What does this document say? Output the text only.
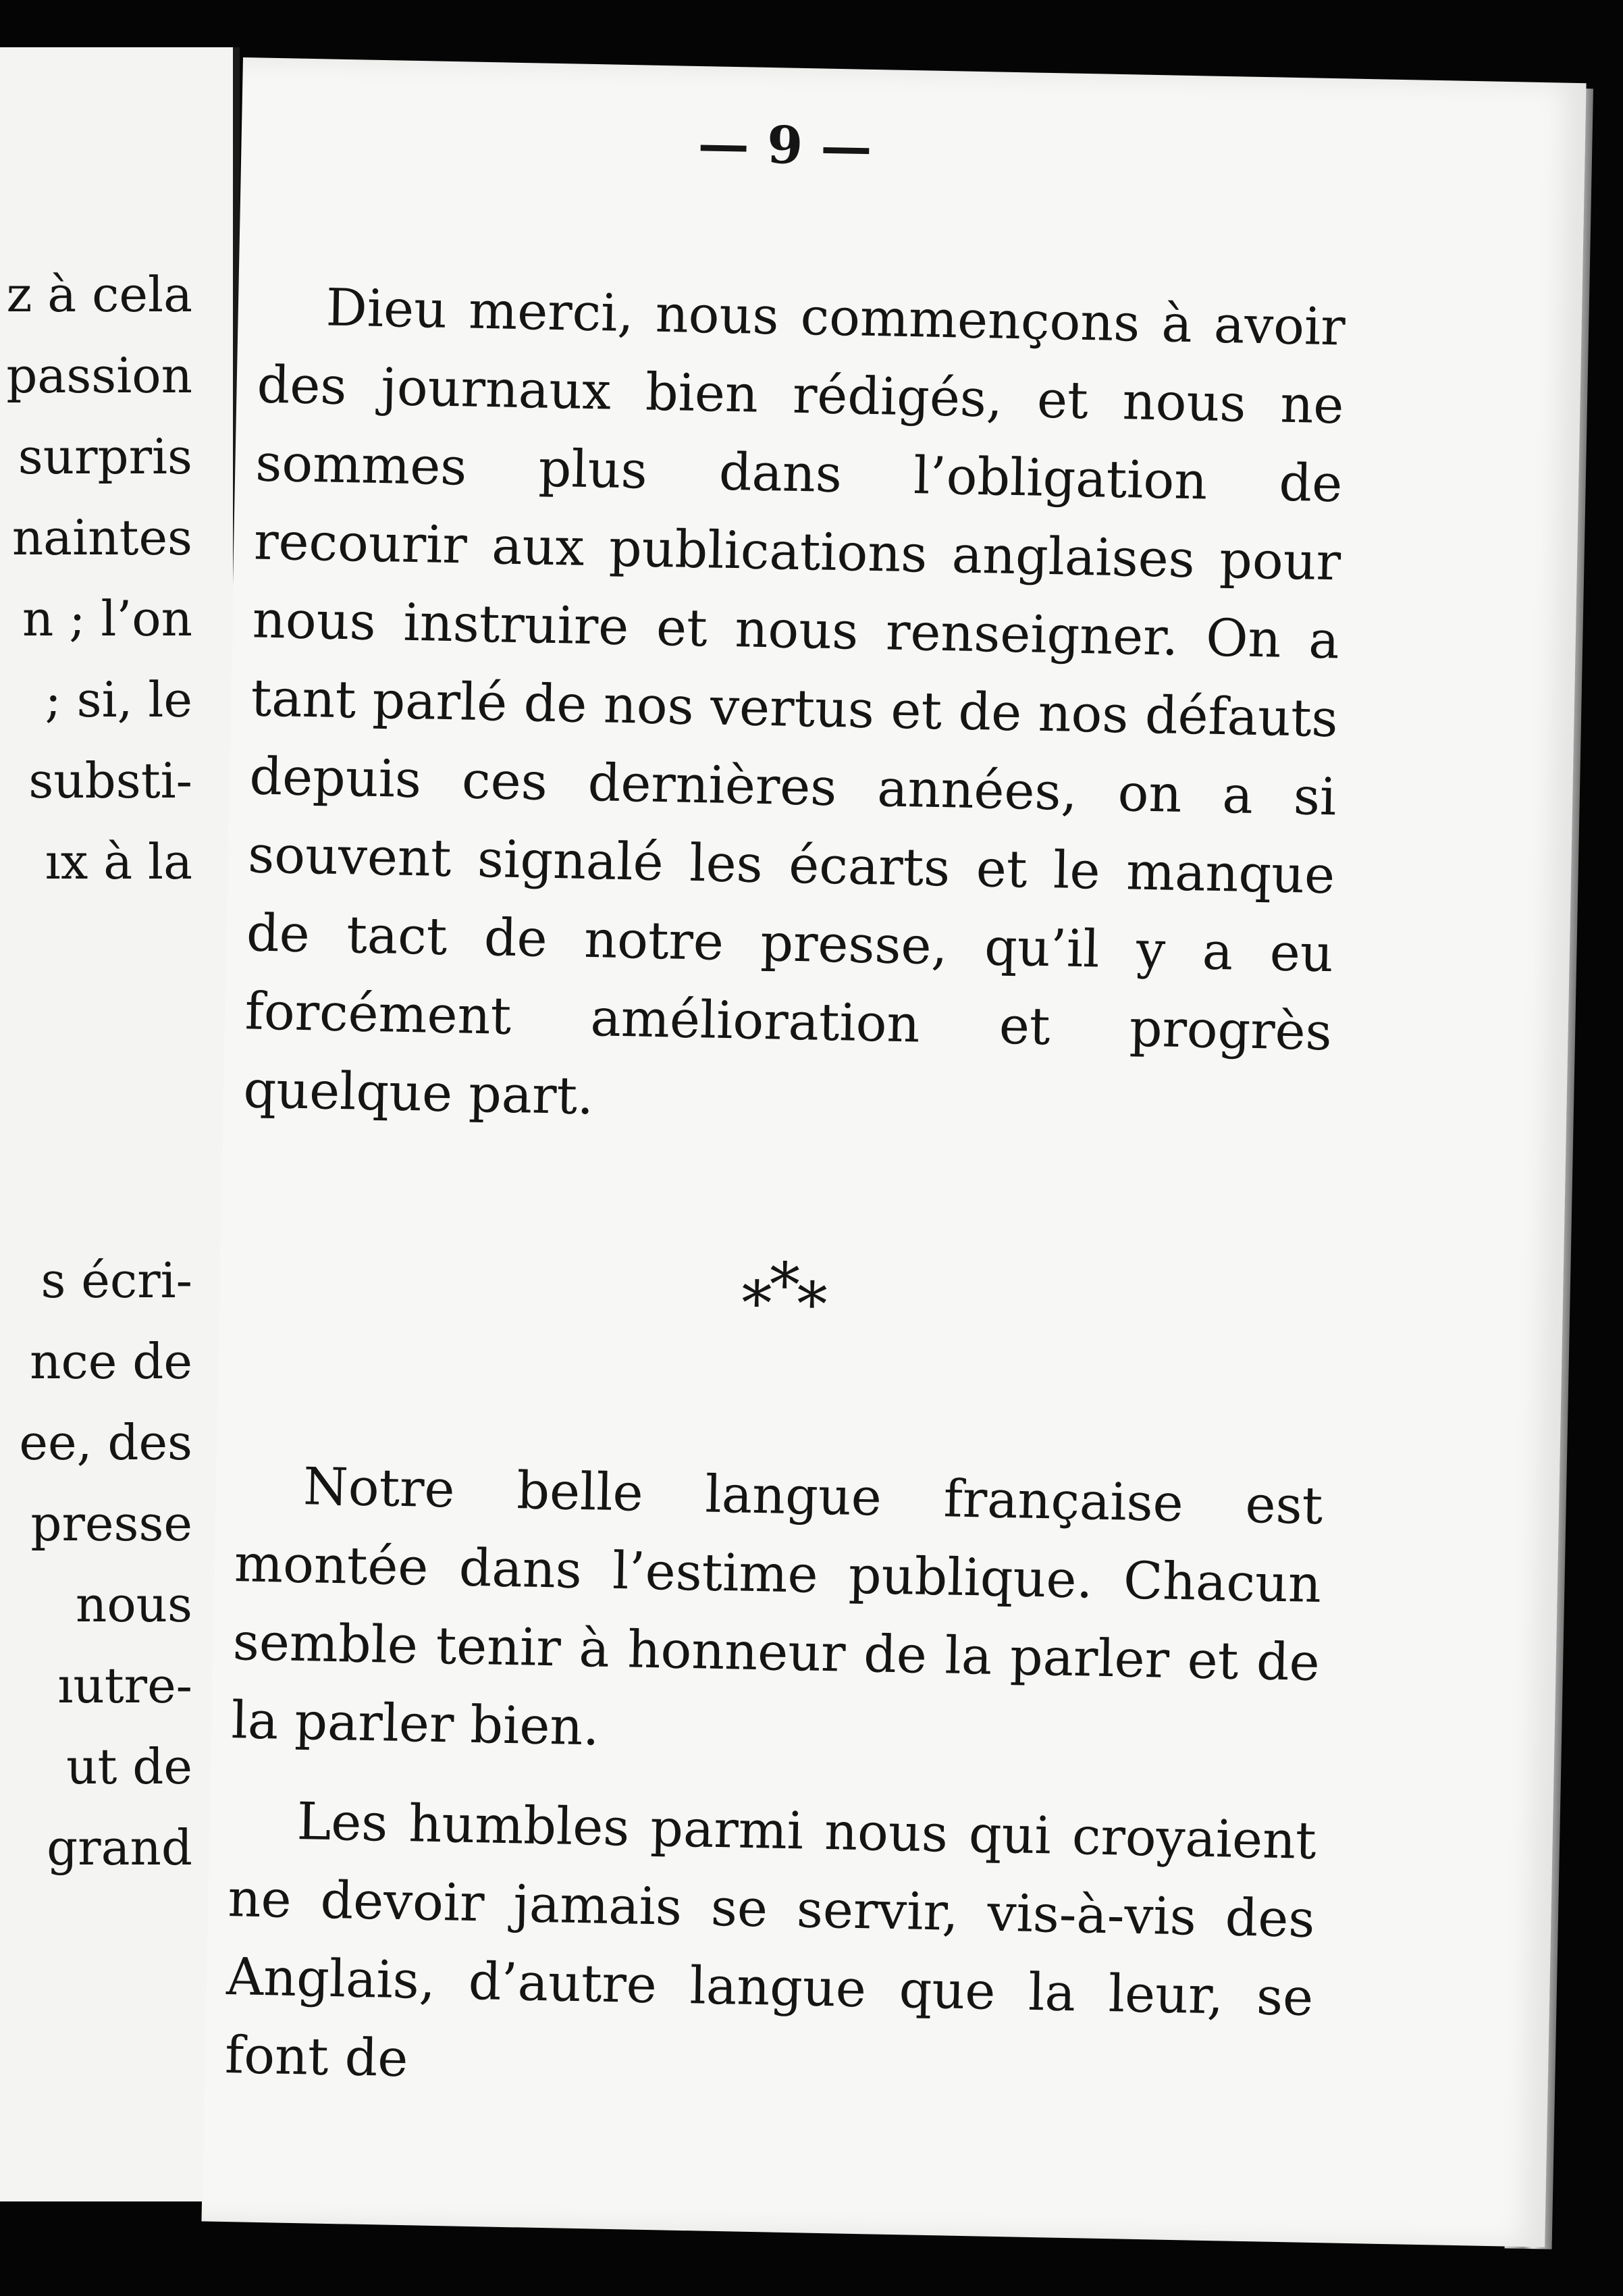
z à cela
passion
surpris
naintes
n ; l’on
; si, le
substi-
ıx à la
s écri-
nce de
ee, des
presse
nous
ıutre-
ut de
grand
— 9 —

Dieu merci, nous commençons à avoir des journaux bien rédigés, et nous ne sommes plus dans l’obligation de recourir aux publications anglaises pour nous instruire et nous renseigner. On a tant parlé de nos vertus et de nos défauts depuis ces dernières années, on a si souvent signalé les écarts et le manque de tact de notre presse, qu’il y a eu forcément amélioration et progrès quelque part.

***

Notre belle langue française est montée dans l’estime publique. Chacun semble tenir à honneur de la parler et de la parler bien.

Les humbles parmi nous qui croyaient ne devoir jamais se servir, vis-à-vis des Anglais, d’autre langue que la leur, se font de
